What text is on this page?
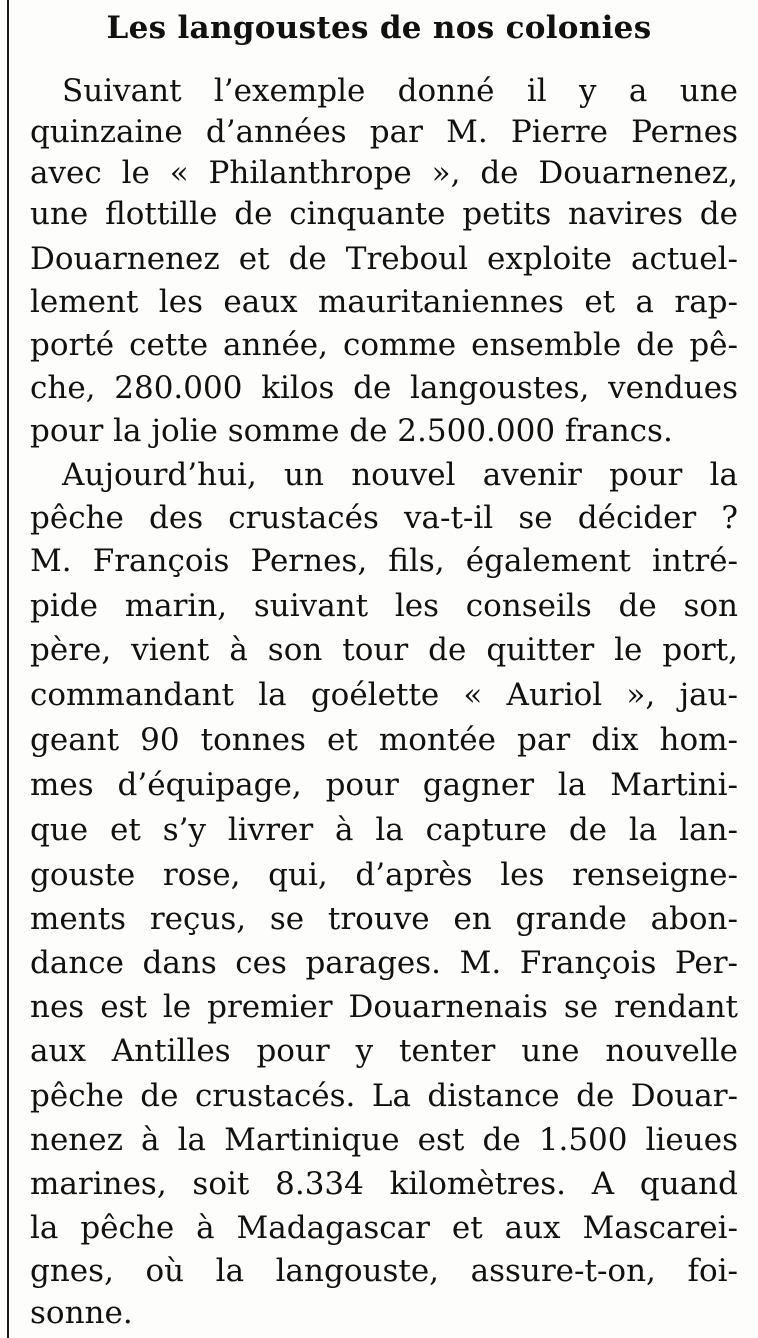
Les langoustes de nos colonies
Suivant l’exemple donné il y a une
quinzaine d’années par M. Pierre Pernes
avec le « Philanthrope », de Douarnenez,
une flottille de cinquante petits navires de
Douarnenez et de Treboul exploite actuel-
lement les eaux mauritaniennes et a rap-
porté cette année, comme ensemble de pê-
che, 280.000 kilos de langoustes, vendues
pour la jolie somme de 2.500.000 francs.
Aujourd’hui, un nouvel avenir pour la
pêche des crustacés va-t-il se décider ?
M. François Pernes, fils, également intré-
pide marin, suivant les conseils de son
père, vient à son tour de quitter le port,
commandant la goélette « Auriol », jau-
geant 90 tonnes et montée par dix hom-
mes d’équipage, pour gagner la Martini-
que et s’y livrer à la capture de la lan-
gouste rose, qui, d’après les renseigne-
ments reçus, se trouve en grande abon-
dance dans ces parages. M. François Per-
nes est le premier Douarnenais se rendant
aux Antilles pour y tenter une nouvelle
pêche de crustacés. La distance de Douar-
nenez à la Martinique est de 1.500 lieues
marines, soit 8.334 kilomètres. A quand
la pêche à Madagascar et aux Mascarei-
gnes, où la langouste, assure-t-on, foi-
sonne.
